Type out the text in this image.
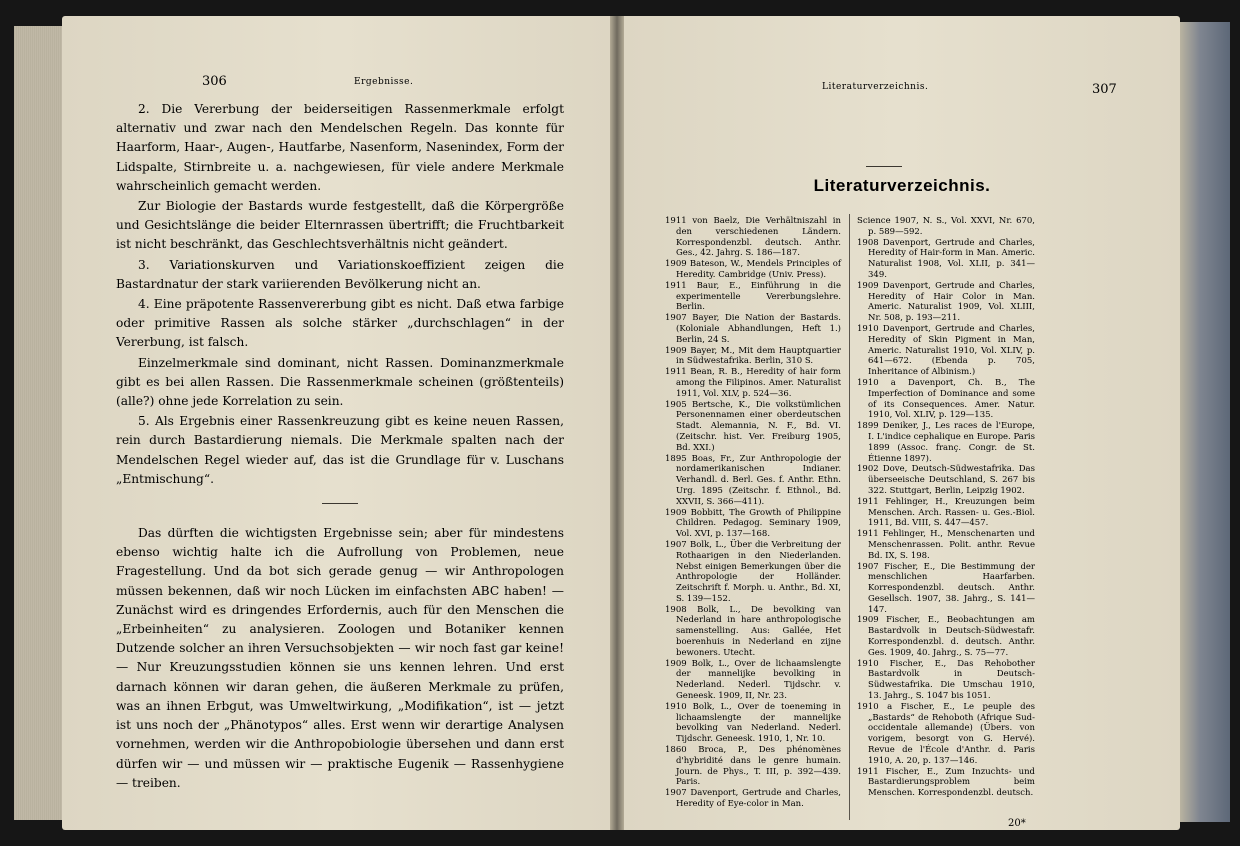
306	Ergebnisse.

2. Die Vererbung der beiderseitigen Rassenmerkmale erfolgt alternativ und zwar nach den Mendelschen Regeln. Das konnte für Haarform, Haar-, Augen-, Hautfarbe, Nasenform, Nasenindex, Form der Lidspalte, Stirnbreite u. a. nachgewiesen, für viele andere Merkmale wahrscheinlich gemacht werden.

Zur Biologie der Bastards wurde festgestellt, daß die Körpergröße und Gesichtslänge die beider Elternrassen übertrifft; die Fruchtbarkeit ist nicht beschränkt, das Geschlechtsverhältnis nicht geändert.

3. Variationskurven und Variationskoeffizient zeigen die Bastardnatur der stark variierenden Bevölkerung nicht an.

4. Eine präpotente Rassenvererbung gibt es nicht. Daß etwa farbige oder primitive Rassen als solche stärker „durchschlagen“ in der Vererbung, ist falsch.

Einzelmerkmale sind dominant, nicht Rassen. Dominanzmerkmale gibt es bei allen Rassen. Die Rassenmerkmale scheinen (größtenteils) (alle?) ohne jede Korrelation zu sein.

5. Als Ergebnis einer Rassenkreuzung gibt es keine neuen Rassen, rein durch Bastardierung niemals. Die Merkmale spalten nach der Mendelschen Regel wieder auf, das ist die Grundlage für v. Luschans „Entmischung“.

Das dürften die wichtigsten Ergebnisse sein; aber für mindestens ebenso wichtig halte ich die Aufrollung von Problemen, neue Fragestellung. Und da bot sich gerade genug — wir Anthropologen müssen bekennen, daß wir noch Lücken im einfachsten ABC haben! — Zunächst wird es dringendes Erfordernis, auch für den Menschen die „Erbeinheiten“ zu analysieren. Zoologen und Botaniker kennen Dutzende solcher an ihren Versuchsobjekten — wir noch fast gar keine! — Nur Kreuzungsstudien können sie uns kennen lehren. Und erst darnach können wir daran gehen, die äußeren Merkmale zu prüfen, was an ihnen Erbgut, was Umweltwirkung, „Modifikation“, ist — jetzt ist uns noch der „Phänotypos“ alles. Erst wenn wir derartige Analysen vornehmen, werden wir die Anthropobiologie übersehen und dann erst dürfen wir — und müssen wir — praktische Eugenik — Rassenhygiene — treiben.

Literaturverzeichnis.	307
Literaturverzeichnis.

1911 von Baelz, Die Verhältniszahl in den verschiedenen Ländern. Korrespondenzbl. deutsch. Anthr. Ges., 42. Jahrg. S. 186—187.

1909 Bateson, W., Mendels Principles of Heredity. Cambridge (Univ. Press).

1911 Baur, E., Einführung in die experimentelle Vererbungslehre. Berlin.

1907 Bayer, Die Nation der Bastards. (Koloniale Abhandlungen, Heft 1.) Berlin, 24 S.

1909 Bayer, M., Mit dem Hauptquartier in Südwestafrika. Berlin, 310 S.

1911 Bean, R. B., Heredity of hair form among the Filipinos. Amer. Naturalist 1911, Vol. XLV, p. 524—36.

1905 Bertsche, K., Die volkstümlichen Personennamen einer oberdeutschen Stadt. Alemannia, N. F., Bd. VI. (Zeitschr. hist. Ver. Freiburg 1905, Bd. XXI.)

1895 Boas, Fr., Zur Anthropologie der nordamerikanischen Indianer. Verhandl. d. Berl. Ges. f. Anthr. Ethn. Urg. 1895 (Zeitschr. f. Ethnol., Bd. XXVII, S. 366—411).

1909 Bobbitt, The Growth of Philippine Children. Pedagog. Seminary 1909, Vol. XVI, p. 137—168.

1907 Bolk, L., Über die Verbreitung der Rothaarigen in den Niederlanden. Nebst einigen Bemerkungen über die Anthropologie der Holländer. Zeitschrift f. Morph. u. Anthr., Bd. XI, S. 139—152.

1908 Bolk, L., De bevolking van Nederland in hare anthropologische samenstelling. Aus: Gallée, Het boerenhuis in Nederland en zijne bewoners. Utecht.

1909 Bolk, L., Over de lichaamslengte der mannelijke bevolking in Nederland. Nederl. Tijdschr. v. Geneesk. 1909, II, Nr. 23.

1910 Bolk, L., Over de toeneming in lichaamslengte der mannelijke bevolking van Nederland. Nederl. Tijdschr. Geneesk. 1910, 1, Nr. 10.

1860 Broca, P., Des phénomènes d'hybridité dans le genre humain. Journ. de Phys., T. III, p. 392—439. Paris.

1907 Davenport, Gertrude and Charles, Heredity of Eye-color in Man.

Science 1907, N. S., Vol. XXVI, Nr. 670, p. 589—592.

1908 Davenport, Gertrude and Charles, Heredity of Hair-form in Man. Americ. Naturalist 1908, Vol. XLII, p. 341—349.

1909 Davenport, Gertrude and Charles, Heredity of Hair Color in Man. Americ. Naturalist 1909, Vol. XLIII, Nr. 508, p. 193—211.

1910 Davenport, Gertrude and Charles, Heredity of Skin Pigment in Man, Americ. Naturalist 1910, Vol. XLIV, p. 641—672. (Ebenda p. 705, Inheritance of Albinism.)

1910 a Davenport, Ch. B., The Imperfection of Dominance and some of its Consequences. Amer. Natur. 1910, Vol. XLIV, p. 129—135.

1899 Deniker, J., Les races de l'Europe, I. L'indice cephalique en Europe. Paris 1899 (Assoc. franç. Congr. de St. Étienne 1897).

1902 Dove, Deutsch-Südwestafrika. Das überseeische Deutschland, S. 267 bis 322. Stuttgart, Berlin, Leipzig 1902.

1911 Fehlinger, H., Kreuzungen beim Menschen. Arch. Rassen- u. Ges.-Biol. 1911, Bd. VIII, S. 447—457.

1911 Fehlinger, H., Menschenarten und Menschenrassen. Polit. anthr. Revue Bd. IX, S. 198.

1907 Fischer, E., Die Bestimmung der menschlichen Haarfarben. Korrespondenzbl. deutsch. Anthr. Gesellsch. 1907, 38. Jahrg., S. 141—147.

1909 Fischer, E., Beobachtungen am Bastardvolk in Deutsch-Südwestafr. Korrespondenzbl. d. deutsch. Anthr. Ges. 1909, 40. Jahrg., S. 75—77.

1910 Fischer, E., Das Rehobother Bastardvolk in Deutsch-Südwestafrika. Die Umschau 1910, 13. Jahrg., S. 1047 bis 1051.

1910 a Fischer, E., Le peuple des „Bastards“ de Rehoboth (Afrique Sud-occidentale allemande) (Übers. von vorigem, besorgt von G. Hervé). Revue de l'École d'Anthr. d. Paris 1910, A. 20, p. 137—146.

1911 Fischer, E., Zum Inzuchts- und Bastardierungsproblem beim Menschen. Korrespondenzbl. deutsch.

20*
